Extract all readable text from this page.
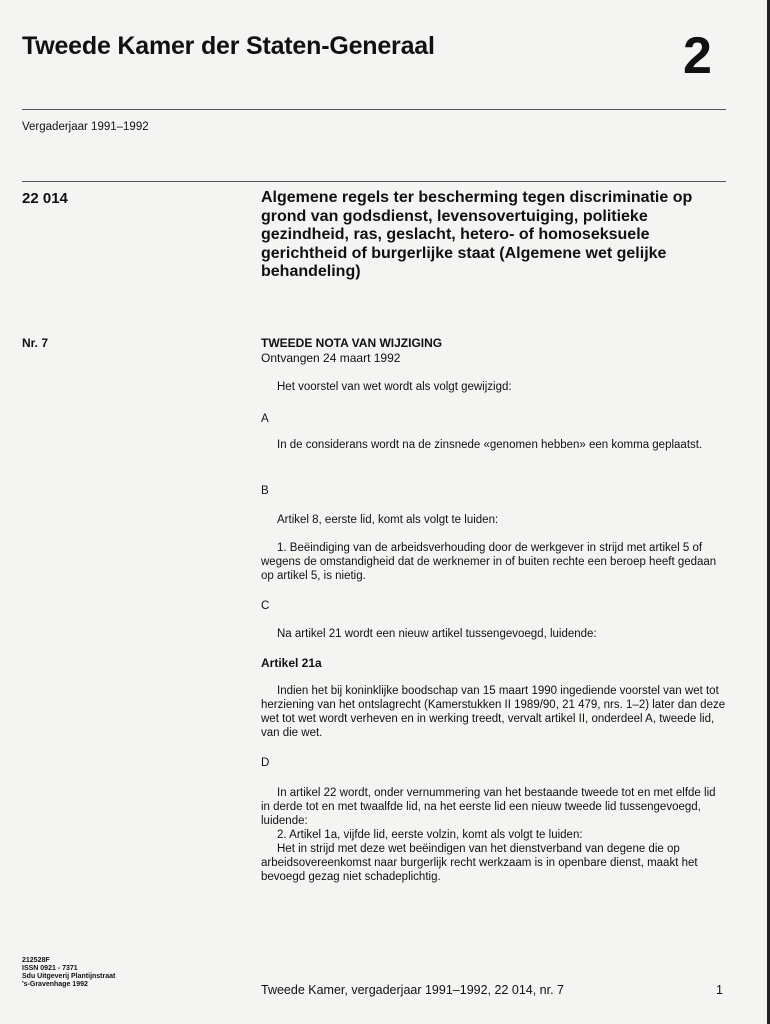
Tweede Kamer der Staten-Generaal	2
Vergaderjaar 1991–1992
22 014	Algemene regels ter bescherming tegen discriminatie op grond van godsdienst, levensovertuiging, politieke gezindheid, ras, geslacht, hetero- of homoseksuele gerichtheid of burgerlijke staat (Algemene wet gelijke behandeling)
Nr. 7	TWEEDE NOTA VAN WIJZIGING
Ontvangen 24 maart 1992

Het voorstel van wet wordt als volgt gewijzigd:

A

In de considerans wordt na de zinsnede «genomen hebben» een komma geplaatst.

B

Artikel 8, eerste lid, komt als volgt te luiden:

1. Beëindiging van de arbeidsverhouding door de werkgever in strijd met artikel 5 of wegens de omstandigheid dat de werknemer in of buiten rechte een beroep heeft gedaan op artikel 5, is nietig.

C

Na artikel 21 wordt een nieuw artikel tussengevoegd, luidende:

Artikel 21a

Indien het bij koninklijke boodschap van 15 maart 1990 ingediende voorstel van wet tot herziening van het ontslagrecht (Kamerstukken II 1989/90, 21 479, nrs. 1–2) later dan deze wet tot wet wordt verheven en in werking treedt, vervalt artikel II, onderdeel A, tweede lid, van die wet.

D

In artikel 22 wordt, onder vernummering van het bestaande tweede tot en met elfde lid in derde tot en met twaalfde lid, na het eerste lid een nieuw tweede lid tussengevoegd, luidende:

2. Artikel 1a, vijfde lid, eerste volzin, komt als volgt te luiden:

Het in strijd met deze wet beëindigen van het dienstverband van degene die op arbeidsovereenkomst naar burgerlijk recht werkzaam is in openbare dienst, maakt het bevoegd gezag niet schadeplichtig.

212528F
ISSN 0921 - 7371
Sdu Uitgeverij Plantijnstraat
's-Gravenhage 1992	Tweede Kamer, vergaderjaar 1991–1992, 22 014, nr. 7	1
